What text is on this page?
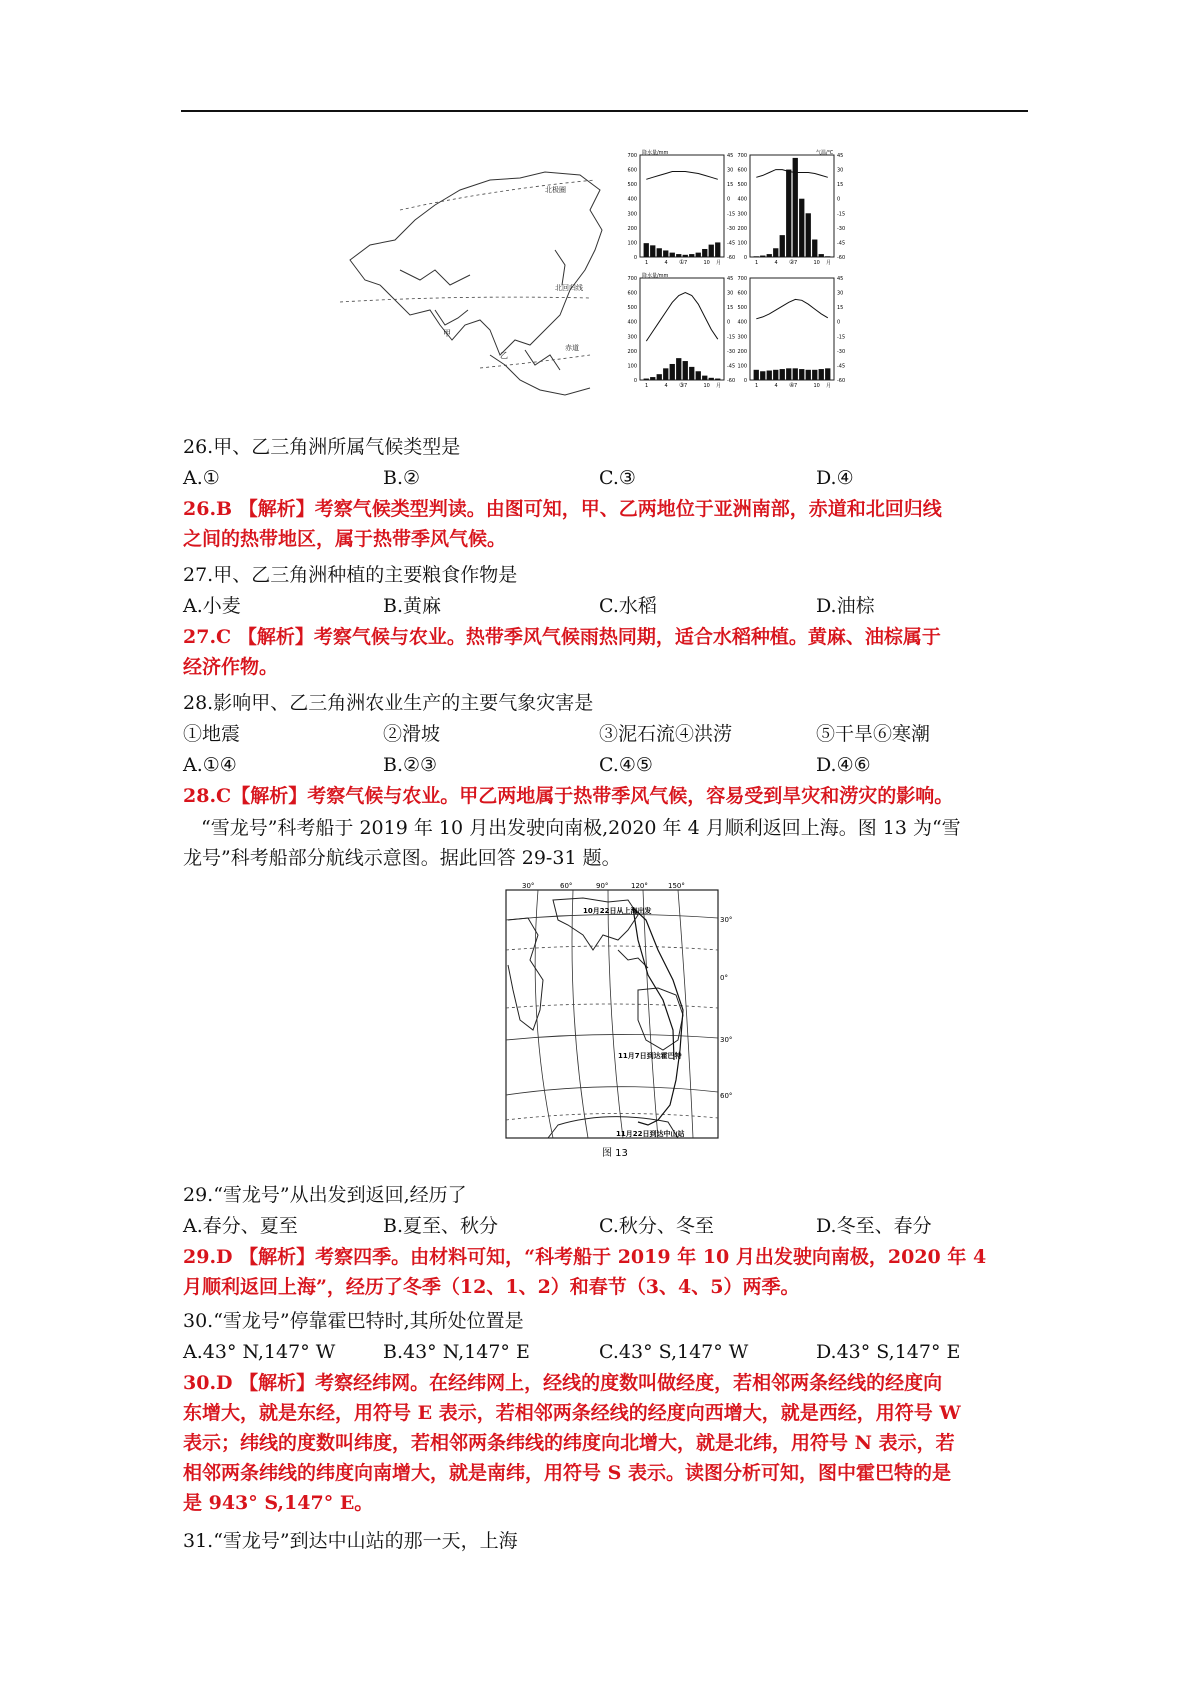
北极圈
北回归线
赤道
甲
乙
0
100
200
300
400
500
600
700	45
30
15
0
-15
-30
-45
-60
1	4	7	10 月
①
降水量/mm
0
100
200
300
400
500
600
700	45
30
15
0
-15
-30
-45
-60
1	4	7	10 月
②
气温/℃
0
100
200
300
400
500
600
700	45
30
15
0
-15
-30
-45
-60
1	4	7	10 月
③
降水量/mm
0
100
200
300
400
500
600
700	45
30
15
0
-15
-30
-45
-60
1	4	7	10 月
④
26.甲、乙三角洲所属气候类型是
A.①	B.②	C.③	D.④
26.B 【解析】考察气候类型判读。由图可知，甲、乙两地位于亚洲南部，赤道和北回归线
之间的热带地区，属于热带季风气候。
27.甲、乙三角洲种植的主要粮食作物是
A.小麦	B.黄麻	C.水稻	D.油棕
27.C 【解析】考察气候与农业。热带季风气候雨热同期，适合水稻种植。黄麻、油棕属于
经济作物。
28.影响甲、乙三角洲农业生产的主要气象灾害是
①地震	②滑坡	③泥石流④洪涝	⑤干旱⑥寒潮
A.①④	B.②③	C.④⑤	D.④⑥
28.C【解析】考察气候与农业。甲乙两地属于热带季风气候，容易受到旱灾和涝灾的影响。
“雪龙号”科考船于 2019 年 10 月出发驶向南极,2020 年 4 月顺利返回上海。图 13 为“雪
龙号”科考船部分航线示意图。据此回答 29-31 题。
30°	60°	90°	120°	150°
30°
0°
30°
60°
10月22日从上海出发
11月7日到达霍巴特
11月22日到达中山站
图 13
29.“雪龙号”从出发到返回,经历了
A.春分、夏至	B.夏至、秋分	C.秋分、冬至	D.冬至、春分
29.D 【解析】考察四季。由材料可知，“科考船于 2019 年 10 月出发驶向南极，2020 年 4
月顺利返回上海”，经历了冬季（12、1、2）和春节（3、4、5）两季。
30.“雪龙号”停靠霍巴特时,其所处位置是
A.43° N,147° W	B.43° N,147° E	C.43° S,147° W	D.43° S,147° E
30.D 【解析】考察经纬网。在经纬网上，经线的度数叫做经度，若相邻两条经线的经度向
东增大，就是东经，用符号 E 表示，若相邻两条经线的经度向西增大，就是西经，用符号 W
表示；纬线的度数叫纬度，若相邻两条纬线的纬度向北增大，就是北纬，用符号 N 表示，若
相邻两条纬线的纬度向南增大，就是南纬，用符号 S 表示。读图分析可知，图中霍巴特的是
是 943° S,147° E。
31.“雪龙号”到达中山站的那一天，上海
